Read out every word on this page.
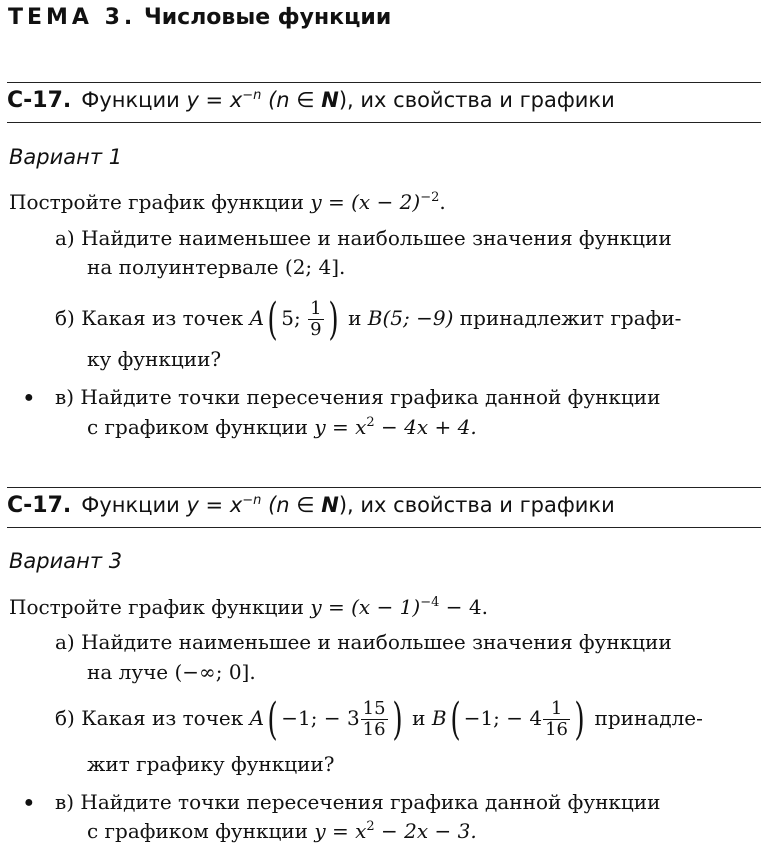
ТЕМА 3. Числовые функции
С-17. Функции $y = x^{-n}$ (n ∈ N), их свойства и графики
Вариант 1
Постройте график функции $y = (x - 2)^{-2}$.
а) Найдите наименьшее и наибольшее значения функции
на полуинтервале (2; 4].
б) Какая из точек A( 5; $\frac{1}{9}$ ) и B(5; −9) принадлежит графи-
ку функции?
● в) Найдите точки пересечения графика данной функции
с графиком функции $y = x^2 - 4x + 4$.
С-17. Функции $y = x^{-n}$ (n ∈ N), их свойства и графики
Вариант 3
Постройте график функции $y = (x - 1)^{-4} - 4$.
а) Найдите наименьшее и наибольшее значения функции
на луче (−∞; 0].
б) Какая из точек A( −1; − $3 \frac{15}{16}$ ) и B( −1; − $4 \frac{1}{16}$ ) принадле-
жит графику функции?
● в) Найдите точки пересечения графика данной функции
с графиком функции $y = x^2 - 2x - 3$.
